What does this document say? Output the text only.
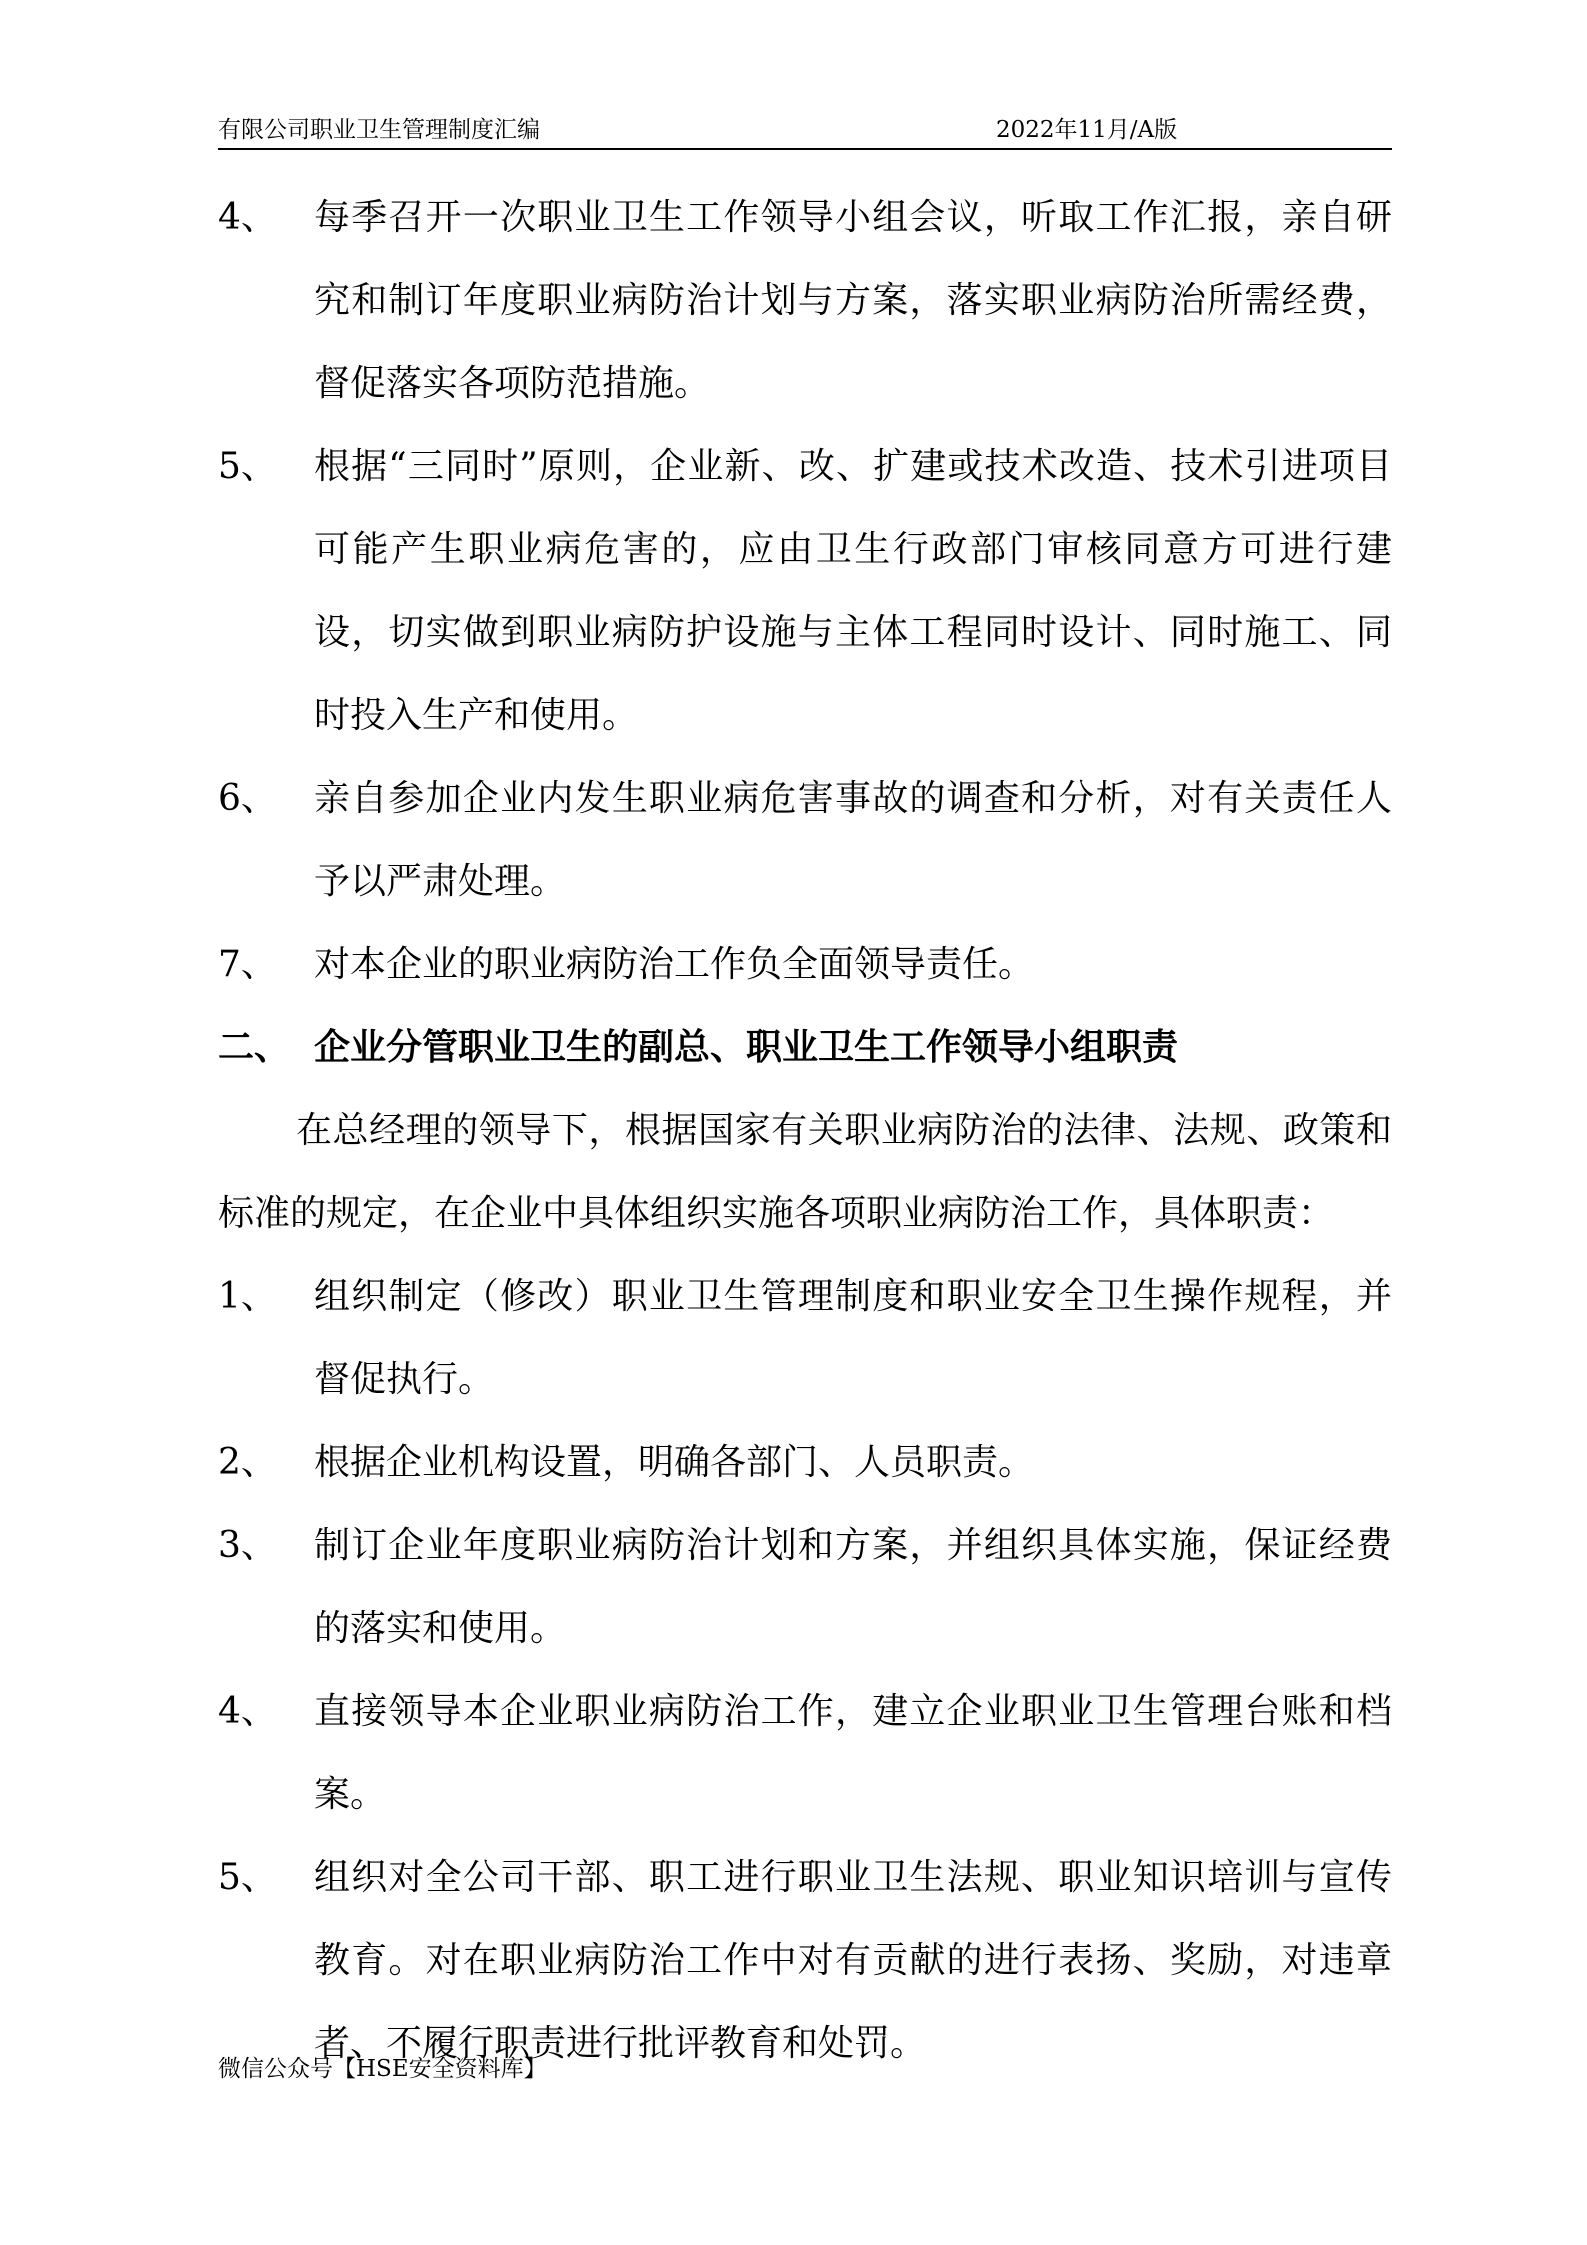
有限公司职业卫生管理制度汇编	2022年11月/A版
4、	每季召开一次职业卫生工作领导小组会议，听取工作汇报，亲自研究和制订年度职业病防治计划与方案，落实职业病防治所需经费，督促落实各项防范措施。
5、	根据“三同时”原则，企业新、改、扩建或技术改造、技术引进项目可能产生职业病危害的，应由卫生行政部门审核同意方可进行建设，切实做到职业病防护设施与主体工程同时设计、同时施工、同时投入生产和使用。
6、	亲自参加企业内发生职业病危害事故的调查和分析，对有关责任人予以严肃处理。
7、	对本企业的职业病防治工作负全面领导责任。
二、 企业分管职业卫生的副总、职业卫生工作领导小组职责
在总经理的领导下，根据国家有关职业病防治的法律、法规、政策和标准的规定，在企业中具体组织实施各项职业病防治工作，具体职责：
1、	组织制定（修改）职业卫生管理制度和职业安全卫生操作规程，并督促执行。
2、	根据企业机构设置，明确各部门、人员职责。
3、	制订企业年度职业病防治计划和方案，并组织具体实施，保证经费的落实和使用。
4、	直接领导本企业职业病防治工作，建立企业职业卫生管理台账和档案。
5、	组织对全公司干部、职工进行职业卫生法规、职业知识培训与宣传教育。对在职业病防治工作中对有贡献的进行表扬、奖励，对违章者、不履行职责进行批评教育和处罚。
微信公众号【HSE安全资料库】
